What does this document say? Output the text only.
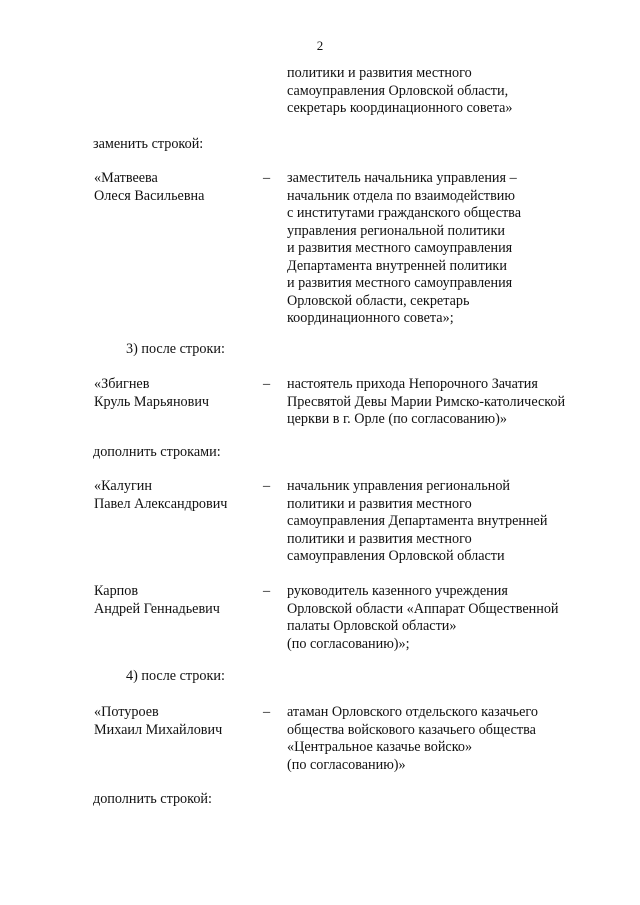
2
политики и развития местного
самоуправления Орловской области,
секретарь координационного совета»
заменить строкой:
«Матвеева
Олеся Васильевна
–	заместитель начальника управления –
начальник отдела по взаимодействию
с институтами гражданского общества
управления региональной политики
и развития местного самоуправления
Департамента внутренней политики
и развития местного самоуправления
Орловской области, секретарь
координационного совета»;
3) после строки:
«Збигнев
Круль Марьянович
–	настоятель прихода Непорочного Зачатия
Пресвятой Девы Марии Римско-католической
церкви в г. Орле (по согласованию)»
дополнить строками:
«Калугин
Павел Александрович
–	начальник управления региональной
политики и развития местного
самоуправления Департамента внутренней
политики и развития местного
самоуправления Орловской области
Карпов
Андрей Геннадьевич
–	руководитель казенного учреждения
Орловской области «Аппарат Общественной
палаты Орловской области»
(по согласованию)»;
4) после строки:
«Потуроев
Михаил Михайлович
–	атаман Орловского отдельского казачьего
общества войскового казачьего общества
«Центральное казачье войско»
(по согласованию)»
дополнить строкой:
